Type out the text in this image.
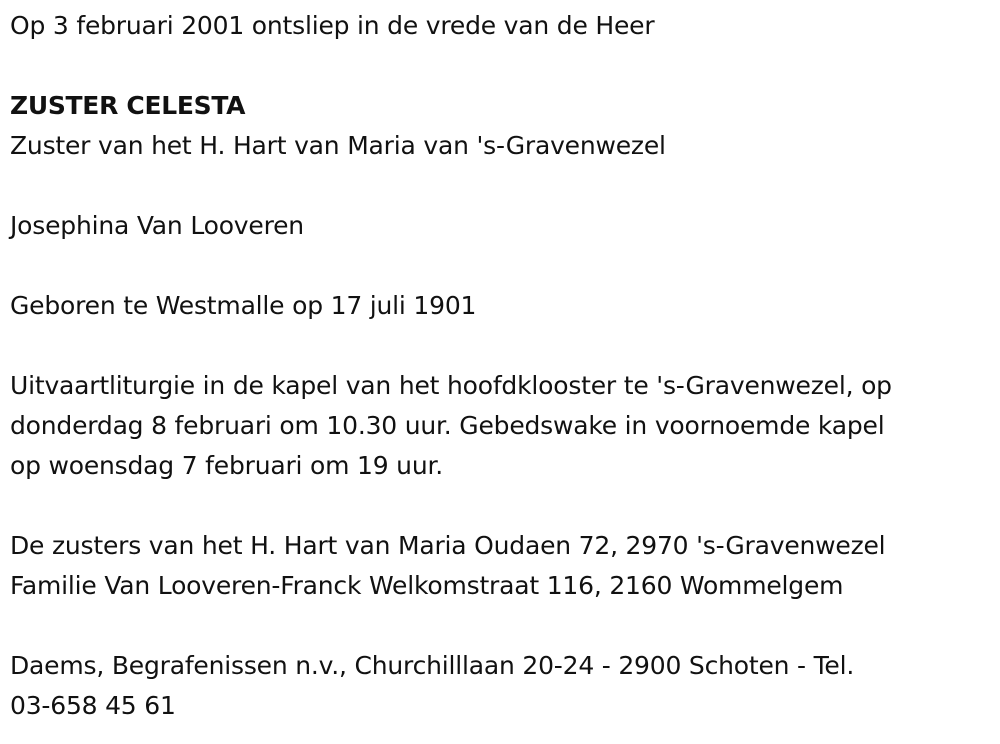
Op 3 februari 2001 ontsliep in de vrede van de Heer

ZUSTER CELESTA

Zuster van het H. Hart van Maria van 's-Gravenwezel

Josephina Van Looveren

Geboren te Westmalle op 17 juli 1901

Uitvaartliturgie in de kapel van het hoofdklooster te 's-Gravenwezel, op

donderdag 8 februari om 10.30 uur. Gebedswake in voornoemde kapel

op woensdag 7 februari om 19 uur.

De zusters van het H. Hart van Maria Oudaen 72, 2970 's-Gravenwezel

Familie Van Looveren-Franck Welkomstraat 116, 2160 Wommelgem

Daems, Begrafenissen n.v., Churchilllaan 20-24 - 2900 Schoten - Tel.

03-658 45 61
